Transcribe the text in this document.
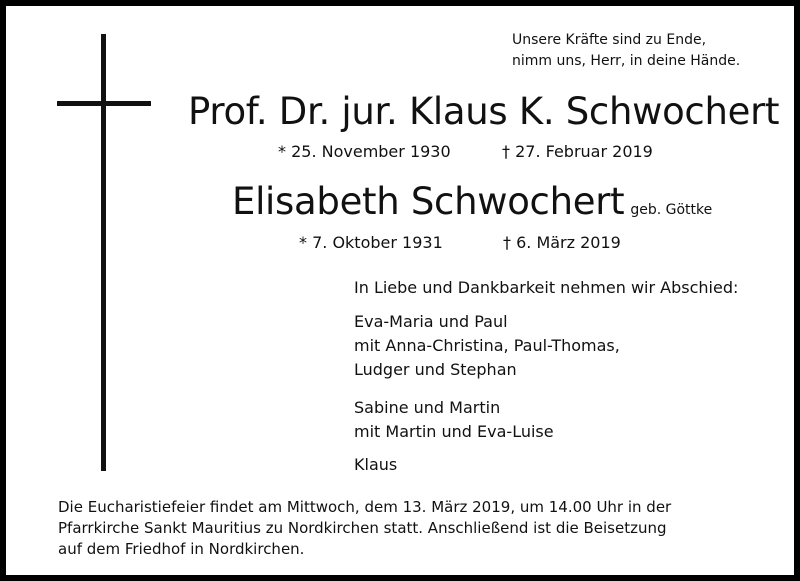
Unsere Kräfte sind zu Ende,
nimm uns, Herr, in deine Hände.
Prof. Dr. jur. Klaus K. Schwochert
* 25. November 1930	† 27. Februar 2019
Elisabeth Schwochert geb. Göttke
* 7. Oktober 1931	† 6. März 2019
In Liebe und Dankbarkeit nehmen wir Abschied:
Eva-Maria und Paul
mit Anna-Christina, Paul-Thomas,
Ludger und Stephan
Sabine und Martin
mit Martin und Eva-Luise
Klaus
Die Eucharistiefeier findet am Mittwoch, dem 13. März 2019, um 14.00 Uhr in der
Pfarrkirche Sankt Mauritius zu Nordkirchen statt. Anschließend ist die Beisetzung
auf dem Friedhof in Nordkirchen.
